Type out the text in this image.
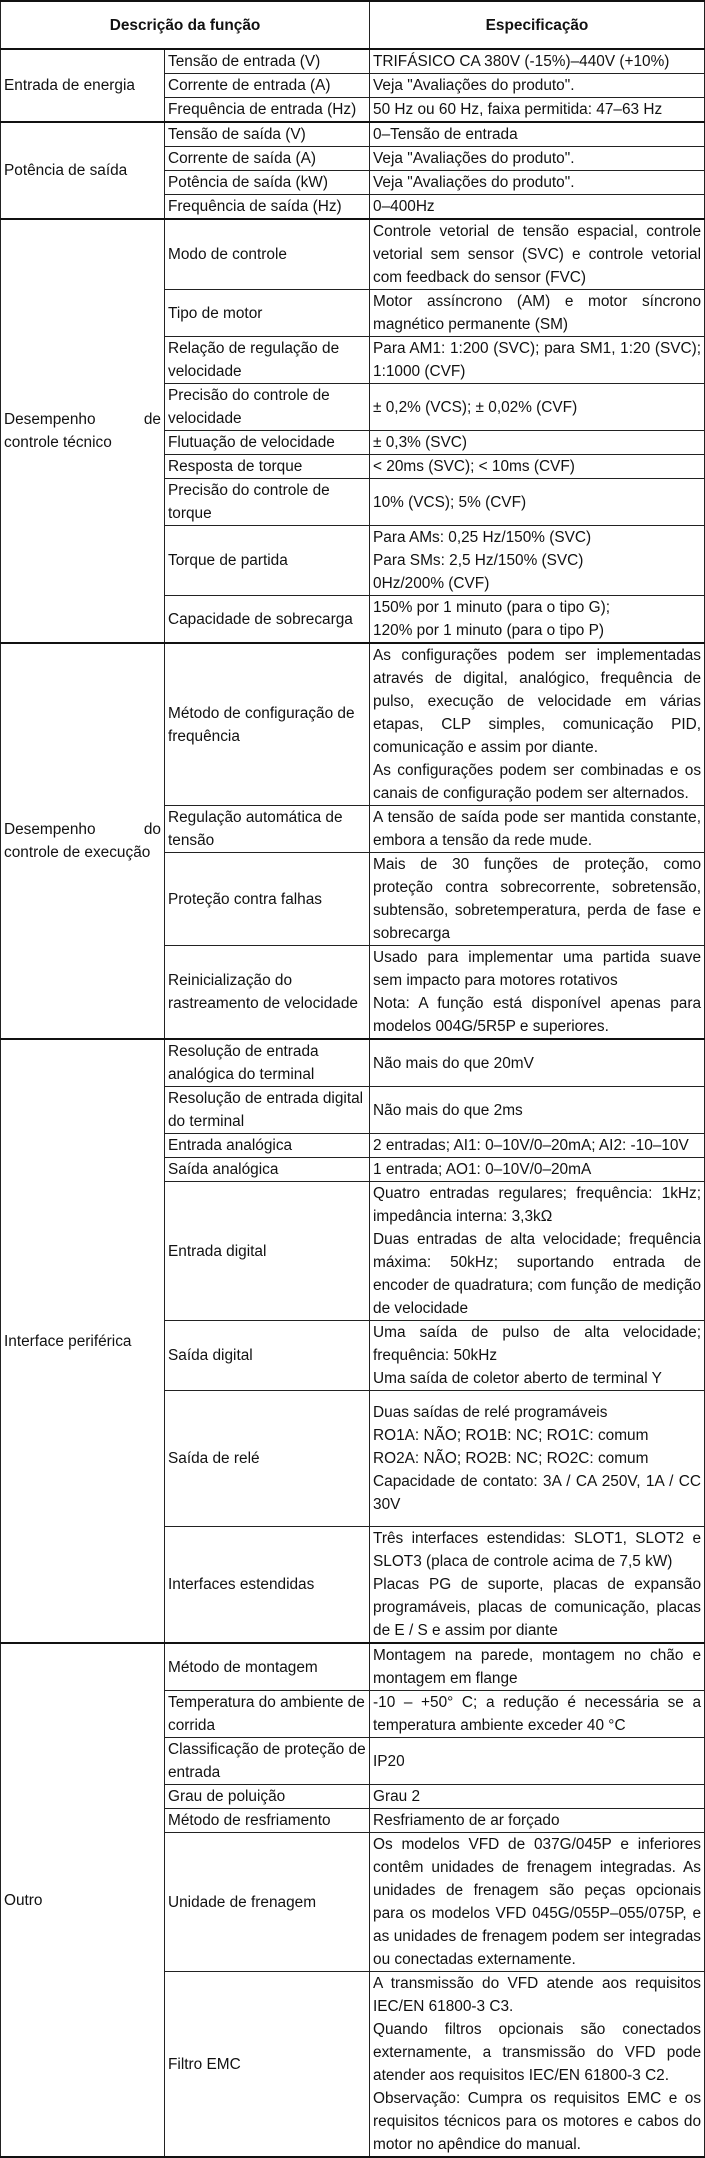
Descrição da função		Especificação
Entrada de energia	Tensão de entrada (V)	TRIFÁSICO CA 380V (-15%)–440V (+10%)

	Corrente de entrada (A)	Veja "Avaliações do produto".

	Frequência de entrada (Hz)	50 Hz ou 60 Hz, faixa permitida: 47–63 Hz

Potência de saída	Tensão de saída (V)	0–Tensão de entrada

	Corrente de saída (A)	Veja "Avaliações do produto".

	Potência de saída (kW)	Veja "Avaliações do produto".

	Frequência de saída (Hz)	0–400Hz

Desempenho de controle técnico	Modo de controle	Controle vetorial de tensão espacial, controle vetorial sem sensor (SVC) e controle vetorial com feedback do sensor (FVC)

	Tipo de motor	Motor assíncrono (AM) e motor síncrono magnético permanente (SM)

	Relação de regulação de velocidade	Para AM1: 1:200 (SVC); para SM1, 1:20 (SVC); 1:1000 (CVF)

	Precisão do controle de velocidade	± 0,2% (VCS); ± 0,02% (CVF)

	Flutuação de velocidade	± 0,3% (SVC)

	Resposta de torque	< 20ms (SVC); < 10ms (CVF)

	Precisão do controle de torque	10% (VCS); 5% (CVF)

	Torque de partida	Para AMs: 0,25 Hz/150% (SVC)
Para SMs: 2,5 Hz/150% (SVC)
0Hz/200% (CVF)

	Capacidade de sobrecarga	150% por 1 minuto (para o tipo G);
120% por 1 minuto (para o tipo P)

Desempenho do controle de execução	Método de configuração de frequência	As configurações podem ser implementadas através de digital, analógico, frequência de pulso, execução de velocidade em várias etapas, CLP simples, comunicação PID, comunicação e assim por diante.
As configurações podem ser combinadas e os canais de configuração podem ser alternados.

	Regulação automática de tensão	A tensão de saída pode ser mantida constante, embora a tensão da rede mude.

	Proteção contra falhas	Mais de 30 funções de proteção, como proteção contra sobrecorrente, sobretensão, subtensão, sobretemperatura, perda de fase e sobrecarga

	Reinicialização do rastreamento de velocidade	Usado para implementar uma partida suave sem impacto para motores rotativos
Nota: A função está disponível apenas para modelos 004G/5R5P e superiores.

Interface periférica	Resolução de entrada analógica do terminal	Não mais do que 20mV

	Resolução de entrada digital do terminal	Não mais do que 2ms

	Entrada analógica	2 entradas; AI1: 0–10V/0–20mA; AI2: -10–10V

	Saída analógica	1 entrada; AO1: 0–10V/0–20mA

	Entrada digital	Quatro entradas regulares; frequência: 1kHz; impedância interna: 3,3kΩ
Duas entradas de alta velocidade; frequência máxima: 50kHz; suportando entrada de encoder de quadratura; com função de medição de velocidade

	Saída digital	Uma saída de pulso de alta velocidade; frequência: 50kHz
Uma saída de coletor aberto de terminal Y

	Saída de relé	Duas saídas de relé programáveis
RO1A: NÃO; RO1B: NC; RO1C: comum
RO2A: NÃO; RO2B: NC; RO2C: comum
Capacidade de contato: 3A / CA 250V, 1A / CC 30V

	Interfaces estendidas	Três interfaces estendidas: SLOT1, SLOT2 e SLOT3 (placa de controle acima de 7,5 kW)
Placas PG de suporte, placas de expansão programáveis, placas de comunicação, placas de E / S e assim por diante

Outro	Método de montagem	Montagem na parede, montagem no chão e montagem em flange

	Temperatura do ambiente de corrida	-10 – +50° C; a redução é necessária se a temperatura ambiente exceder 40 °C

	Classificação de proteção de entrada	IP20

	Grau de poluição	Grau 2

	Método de resfriamento	Resfriamento de ar forçado

	Unidade de frenagem	Os modelos VFD de 037G/045P e inferiores contêm unidades de frenagem integradas. As unidades de frenagem são peças opcionais para os modelos VFD 045G/055P–055/075P, e as unidades de frenagem podem ser integradas ou conectadas externamente.

	Filtro EMC	A transmissão do VFD atende aos requisitos IEC/EN 61800-3 C3.
Quando filtros opcionais são conectados externamente, a transmissão do VFD pode atender aos requisitos IEC/EN 61800-3 C2.
Observação: Cumpra os requisitos EMC e os requisitos técnicos para os motores e cabos do motor no apêndice do manual.
